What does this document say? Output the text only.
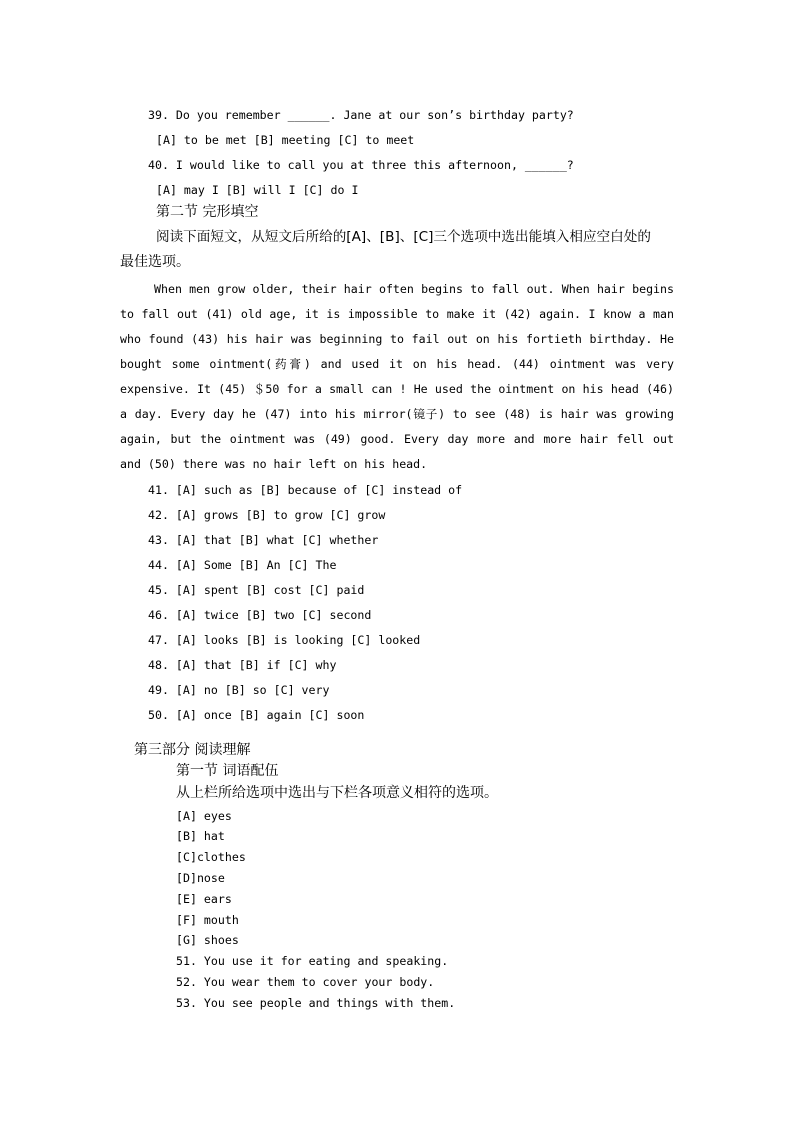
39. Do you remember ______. Jane at our son’s birthday party?
[A] to be met [B] meeting [C] to meet
40. I would like to call you at three this afternoon, ______?
[A] may I [B] will I [C] do I
第二节 完形填空
阅读下面短文，从短文后所给的[A]、[B]、[C]三个选项中选出能填入相应空白处的
最佳选项。
When men grow older, their hair often begins to fall out. When hair begins
to fall out (41) old age, it is impossible to make it (42) again. I know a man
who found (43) his hair was beginning to fail out on his fortieth birthday. He
bought some ointment(药膏) and used it on his head. (44) ointment was very
expensive. It (45) ＄50 for a small can ! He used the ointment on his head (46)
a day. Every day he (47) into his mirror(镜子) to see (48) is hair was growing
again, but the ointment was (49) good. Every day more and more hair fell out
and (50) there was no hair left on his head.
41. [A] such as [B] because of [C] instead of
42. [A] grows [B] to grow [C] grow
43. [A] that [B] what [C] whether
44. [A] Some [B] An [C] The
45. [A] spent [B] cost [C] paid
46. [A] twice [B] two [C] second
47. [A] looks [B] is looking [C] looked
48. [A] that [B] if [C] why
49. [A] no [B] so [C] very
50. [A] once [B] again [C] soon
第三部分 阅读理解
第一节 词语配伍
从上栏所给选项中选出与下栏各项意义相符的选项。
[A] eyes
[B] hat
[C]clothes
[D]nose
[E] ears
[F] mouth
[G] shoes
51. You use it for eating and speaking.
52. You wear them to cover your body.
53. You see people and things with them.
